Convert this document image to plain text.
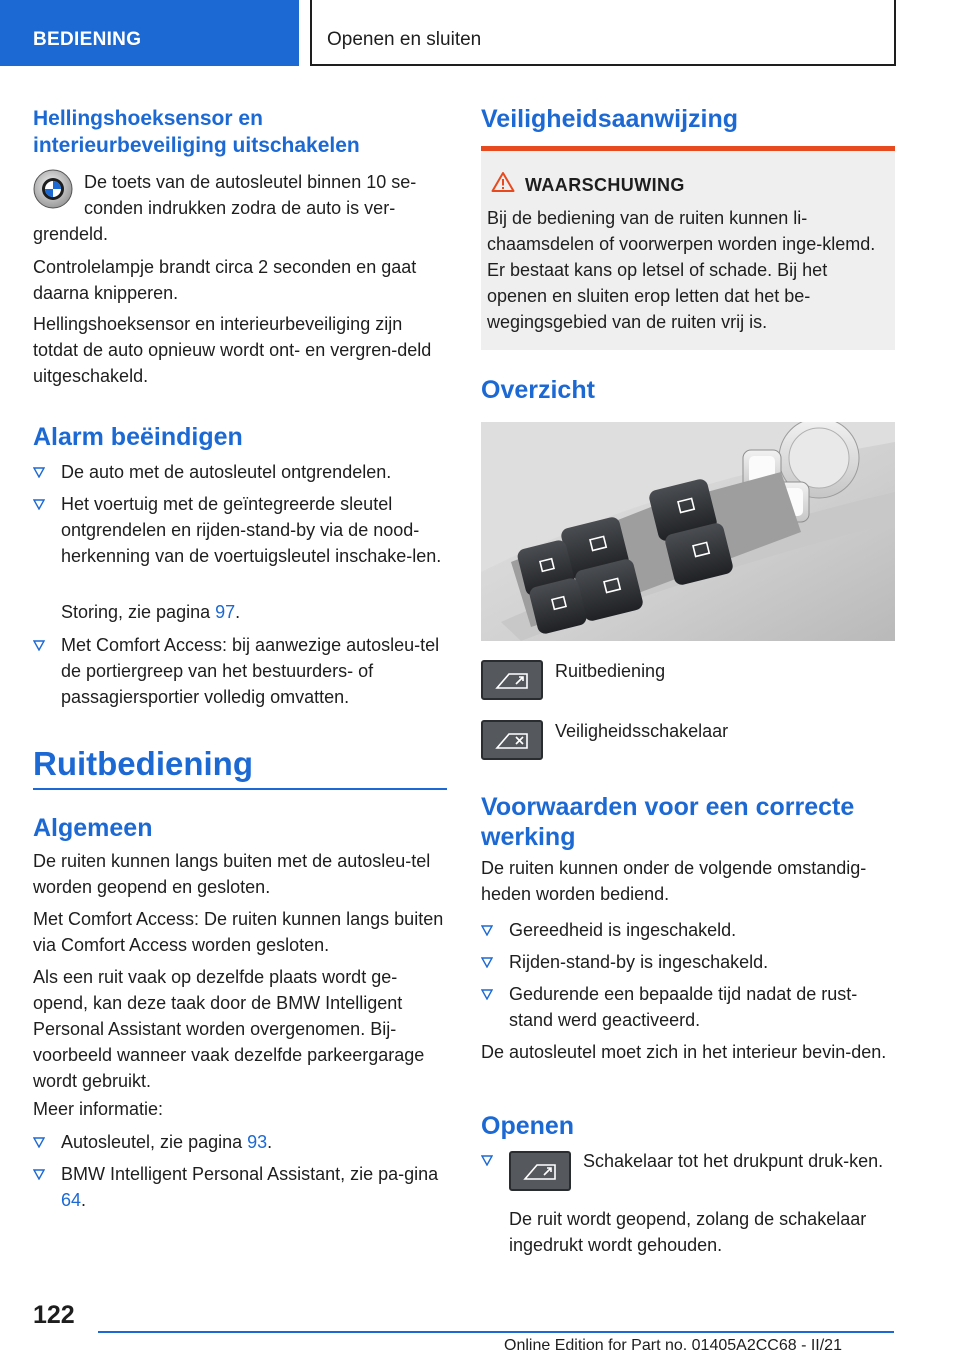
BEDIENING	Openen en sluiten
Hellingshoeksensor en interieurbeveiliging uitschakelen

De toets van de autosleutel binnen 10 se-

conden indrukken zodra de auto is ver-

grendeld.

Controlelampje brandt circa 2 seconden en gaat daarna knipperen.

Hellingshoeksensor en interieurbeveiliging zijn totdat de auto opnieuw wordt ont- en vergren-deld uitgeschakeld.

Alarm beëindigen
De auto met de autosleutel ontgrendelen.
Het voertuig met de geïntegreerde sleutel ontgrendelen en rijden-stand-by via de nood-herkenning van de voertuigsleutel inschake-len.

Storing, zie pagina 97.

Met Comfort Access: bij aanwezige autosleu-tel de portiergreep van het bestuurders- of passagiersportier volledig omvatten.
Ruitbediening
Algemeen

De ruiten kunnen langs buiten met de autosleu-tel worden geopend en gesloten.

Met Comfort Access: De ruiten kunnen langs buiten via Comfort Access worden gesloten.

Als een ruit vaak op dezelfde plaats wordt ge-opend, kan deze taak door de BMW Intelligent Personal Assistant worden overgenomen. Bij-voorbeeld wanneer vaak dezelfde parkeergarage wordt gebruikt.

Meer informatie:

Autosleutel, zie pagina 93.
BMW Intelligent Personal Assistant, zie pa-gina 64.
Veiligheidsaanwijzing
WAARSCHUWING
Bij de bediening van de ruiten kunnen li-chaamsdelen of voorwerpen worden inge-klemd. Er bestaat kans op letsel of schade. Bij het openen en sluiten erop letten dat het be-wegingsgebied van de ruiten vrij is.
Overzicht
Ruitbediening
Veiligheidsschakelaar
Voorwaarden voor een correcte werking

De ruiten kunnen onder de volgende omstandig-heden worden bediend.

Gereedheid is ingeschakeld.
Rijden-stand-by is ingeschakeld.
Gedurende een bepaalde tijd nadat de rust-stand werd geactiveerd.

De autosleutel moet zich in het interieur bevin-den.

Openen
Schakelaar tot het drukpunt druk-ken.
De ruit wordt geopend, zolang de schakelaar ingedrukt wordt gehouden.
122
Online Edition for Part no. 01405A2CC68 - II/21
